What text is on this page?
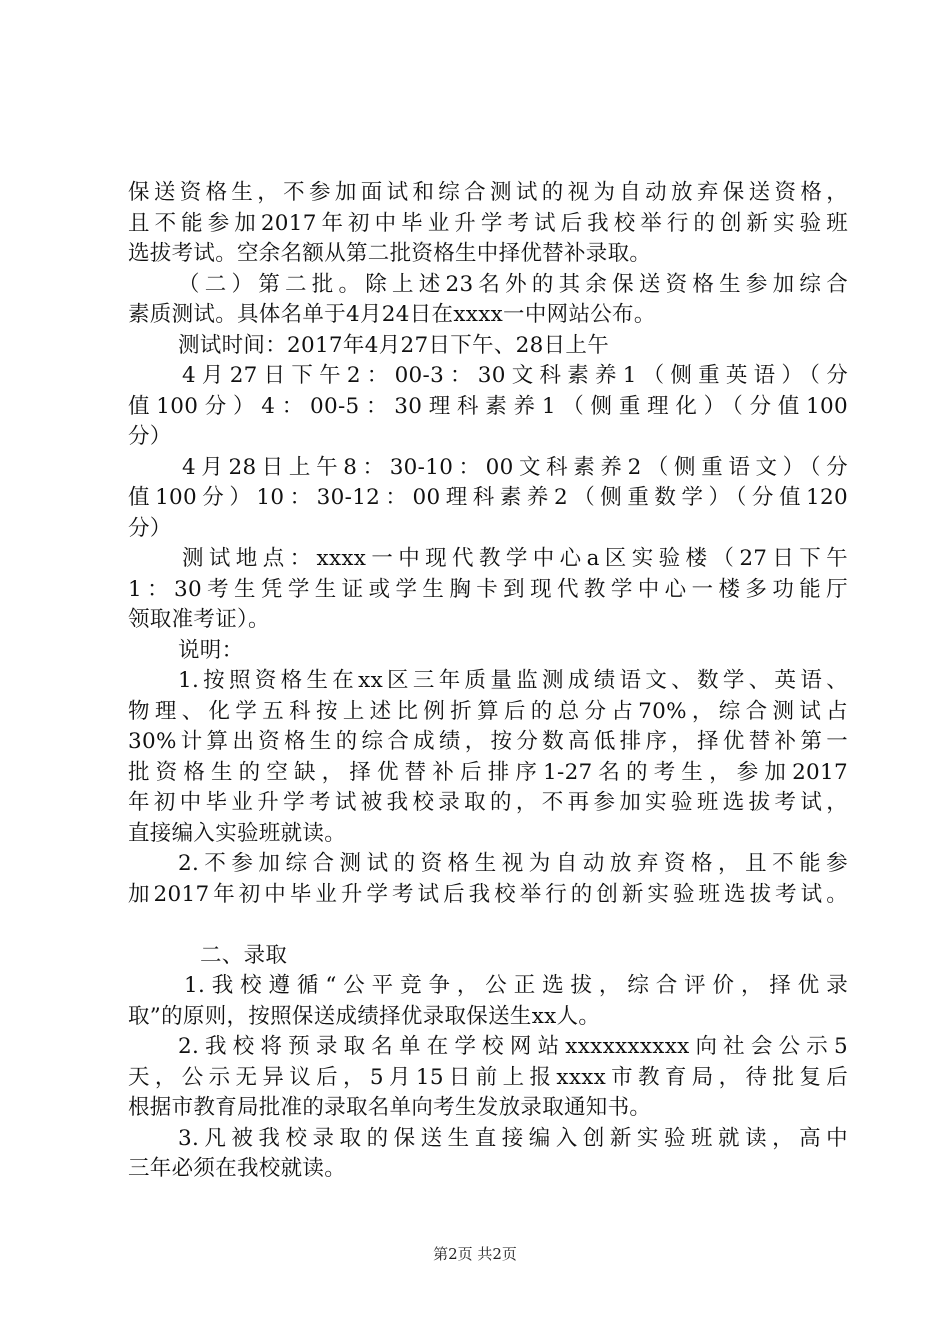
保送资格生，不参加面试和综合测试的视为自动放弃保送资格，
且不能参加2017年初中毕业升学考试后我校举行的创新实验班
选拔考试。空余名额从第二批资格生中择优替补录取。
（二）第二批。除上述23名外的其余保送资格生参加综合
素质测试。具体名单于4月24日在xxxx一中网站公布。
测试时间：2017年4月27日下午、28日上午
4月27日下午2：00-3：30文科素养1（侧重英语）（分
值100分）4：00-5：30理科素养1（侧重理化）（分值100
分）
4月28日上午8：30-10：00文科素养2（侧重语文）（分
值100分）10：30-12：00理科素养2（侧重数学）（分值120
分）
测试地点：xxxx一中现代教学中心a区实验楼（27日下午
1：30考生凭学生证或学生胸卡到现代教学中心一楼多功能厅
领取准考证）。
说明：
1.按照资格生在xx区三年质量监测成绩语文、数学、英语、
物理、化学五科按上述比例折算后的总分占70%，综合测试占
30%计算出资格生的综合成绩，按分数高低排序，择优替补第一
批资格生的空缺，择优替补后排序1-27名的考生，参加2017
年初中毕业升学考试被我校录取的，不再参加实验班选拔考试，
直接编入实验班就读。
2.不参加综合测试的资格生视为自动放弃资格，且不能参
加2017年初中毕业升学考试后我校举行的创新实验班选拔考试。
二、录取
1.我校遵循“公平竞争，公正选拔，综合评价，择优录
取”的原则，按照保送成绩择优录取保送生xx人。
2.我校将预录取名单在学校网站xxxxxxxxxx向社会公示5
天，公示无异议后，5月15日前上报xxxx市教育局，待批复后
根据市教育局批准的录取名单向考生发放录取通知书。
3.凡被我校录取的保送生直接编入创新实验班就读，高中
三年必须在我校就读。
第2页 共2页
